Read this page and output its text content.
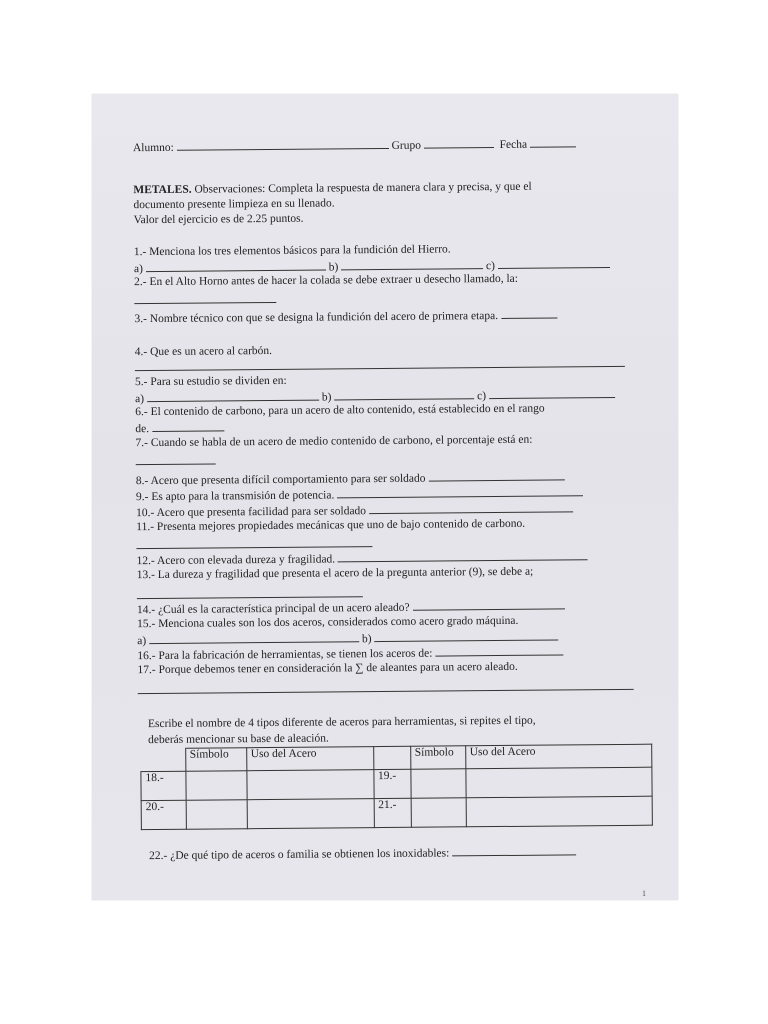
Alumno:	Grupo	Fecha
METALES. Observaciones: Completa la respuesta de manera clara y precisa, y que el
documento presente limpieza en su llenado.
Valor del ejercicio es de 2.25 puntos.
1.- Menciona los tres elementos básicos para la fundición del Hierro.
a)	b)	c)
2.- En el Alto Horno antes de hacer la colada se debe extraer u desecho llamado, la:
3.- Nombre técnico con que se designa la fundición del acero de primera etapa.
4.- Que es un acero al carbón.
5.- Para su estudio se dividen en:
a)	b)	c)
6.- El contenido de carbono, para un acero de alto contenido, está establecido en el rango
de.
7.- Cuando se habla de un acero de medio contenido de carbono, el porcentaje está en:
8.- Acero que presenta difícil comportamiento para ser soldado
9.- Es apto para la transmisión de potencia.
10.- Acero que presenta facilidad para ser soldado
11.- Presenta mejores propiedades mecánicas que uno de bajo contenido de carbono.
12.- Acero con elevada dureza y fragilidad.
13.- La dureza y fragilidad que presenta el acero de la pregunta anterior (9), se debe a;
14.- ¿Cuál es la característica principal de un acero aleado?
15.- Menciona cuales son los dos aceros, considerados como acero grado máquina.
a)	b)
16.- Para la fabricación de herramientas, se tienen los aceros de:
17.- Porque debemos tener en consideración la ∑ de aleantes para un acero aleado.
Escribe el nombre de 4 tipos diferente de aceros para herramientas, si repites el tipo,
deberás mencionar su base de aleación.
	Símbolo	Uso del Acero		Símbolo	Uso del Acero
18.-			19.-		
20.-			21.-		
22.- ¿De qué tipo de aceros o familia se obtienen los inoxidables:
1
